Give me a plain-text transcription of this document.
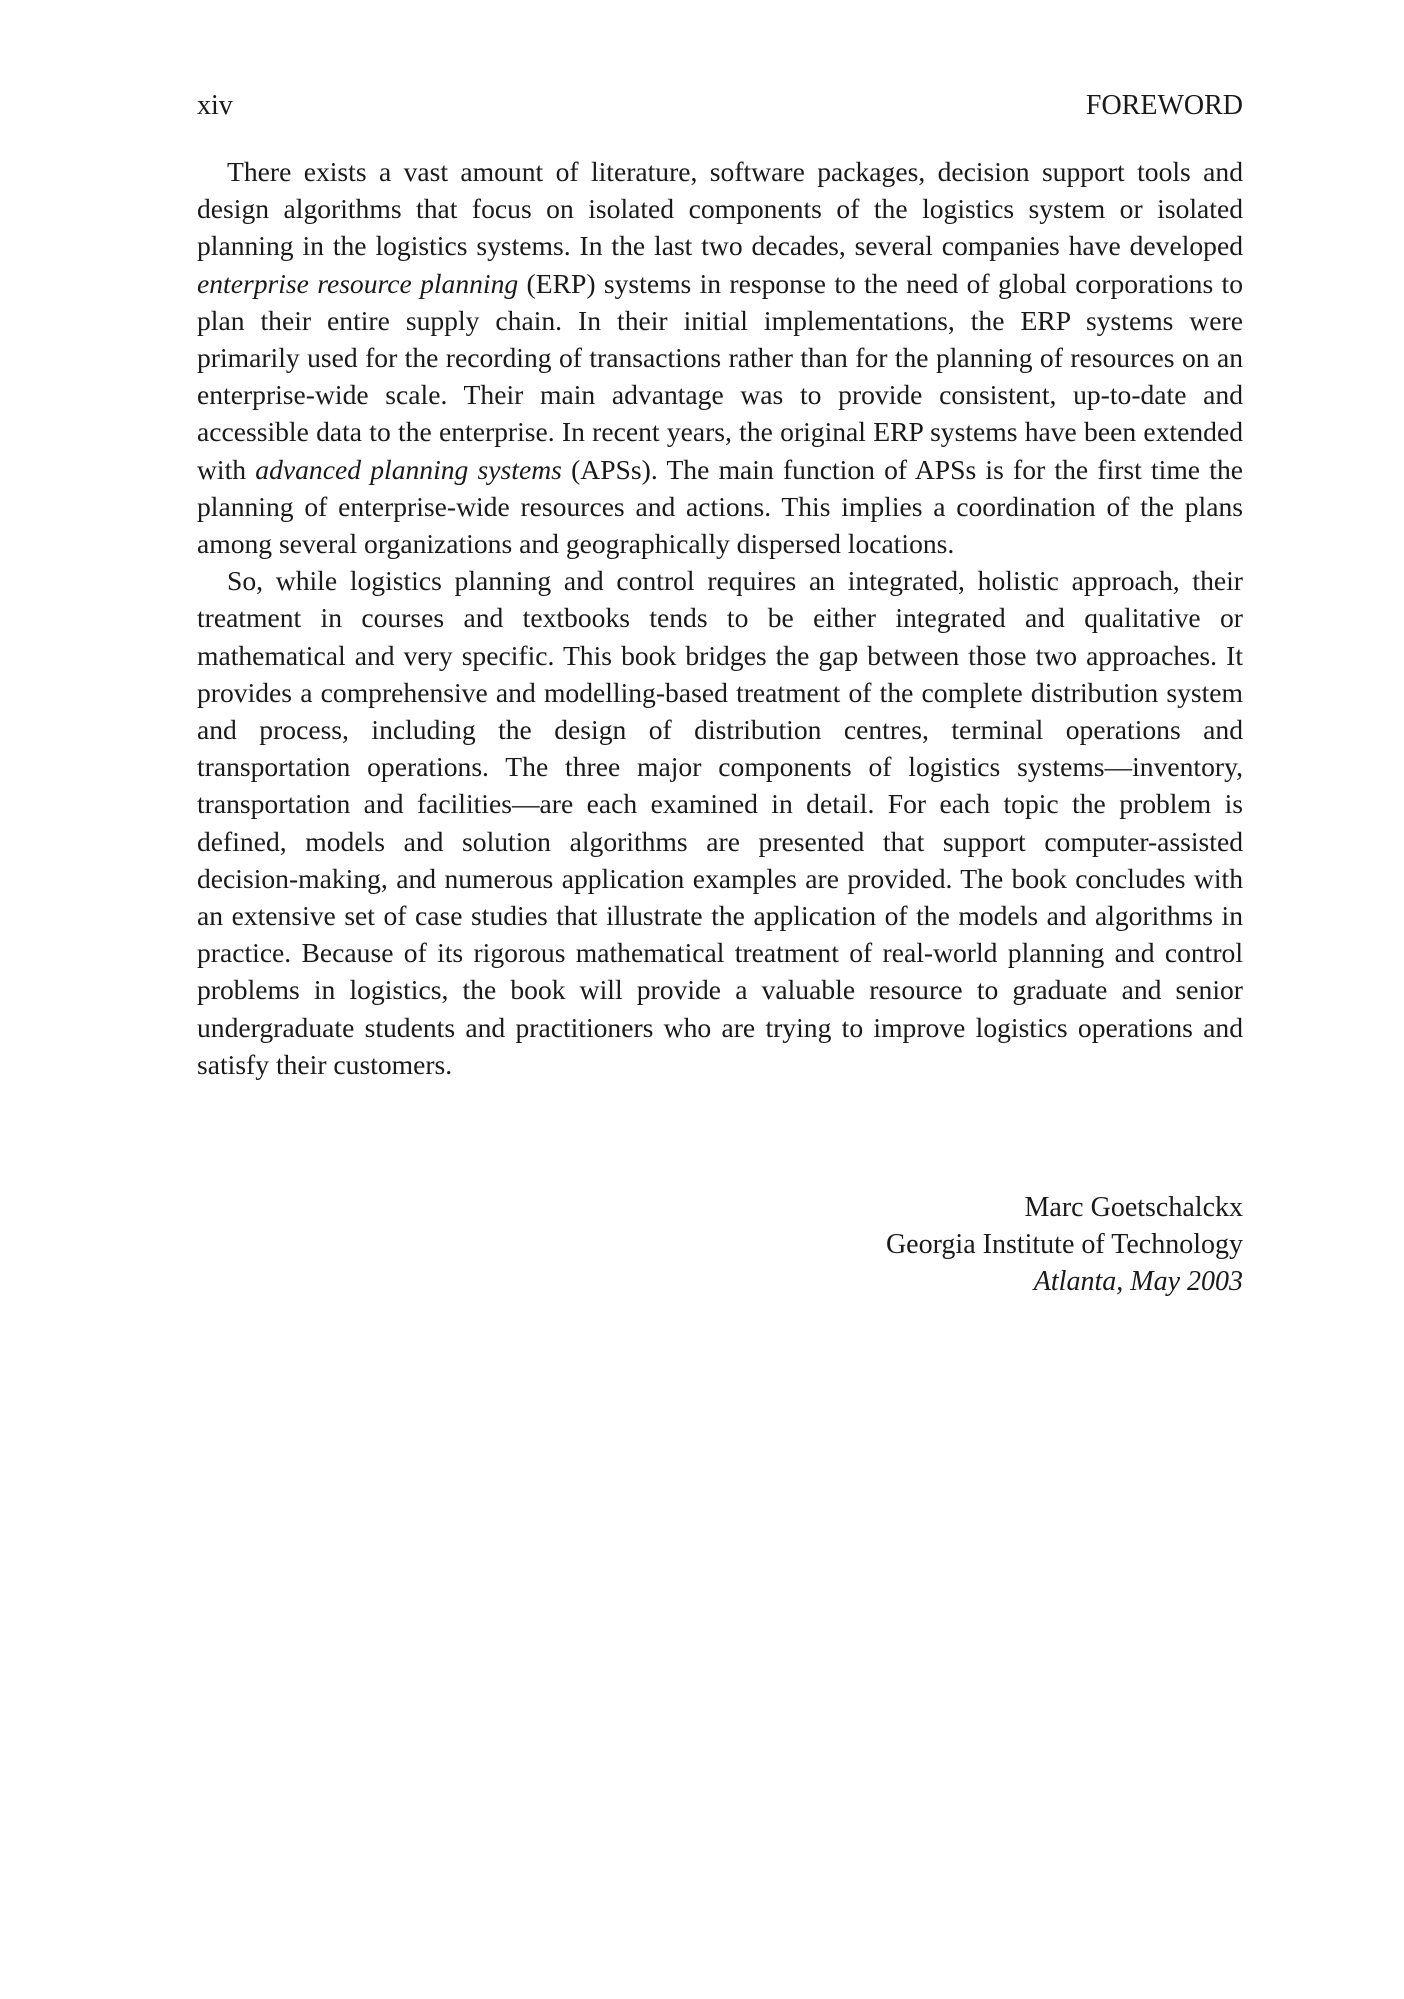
xiv	FOREWORD

There exists a vast amount of literature, software packages, decision support tools and design algorithms that focus on isolated components of the logistics system or isolated planning in the logistics systems. In the last two decades, several companies have developed enterprise resource planning (ERP) systems in response to the need of global corporations to plan their entire supply chain. In their initial implementations, the ERP systems were primarily used for the recording of transactions rather than for the planning of resources on an enterprise-wide scale. Their main advantage was to provide consistent, up-to-date and accessible data to the enterprise. In recent years, the original ERP systems have been extended with advanced planning systems (APSs). The main function of APSs is for the first time the planning of enterprise-wide resources and actions. This implies a coordination of the plans among several organizations and geographically dispersed locations.

So, while logistics planning and control requires an integrated, holistic approach, their treatment in courses and textbooks tends to be either integrated and qualitative or mathematical and very specific. This book bridges the gap between those two approaches. It provides a comprehensive and modelling-based treatment of the complete distribution system and process, including the design of distribution centres, terminal operations and transportation operations. The three major components of logistics systems—inventory, transportation and facilities—are each examined in detail. For each topic the problem is defined, models and solution algorithms are presented that support computer-assisted decision-making, and numerous application examples are provided. The book concludes with an extensive set of case studies that illustrate the application of the models and algorithms in practice. Because of its rigorous mathematical treatment of real-world planning and control problems in logistics, the book will provide a valuable resource to graduate and senior undergraduate students and practitioners who are trying to improve logistics operations and satisfy their customers.

Marc Goetschalckx
Georgia Institute of Technology
Atlanta, May 2003
